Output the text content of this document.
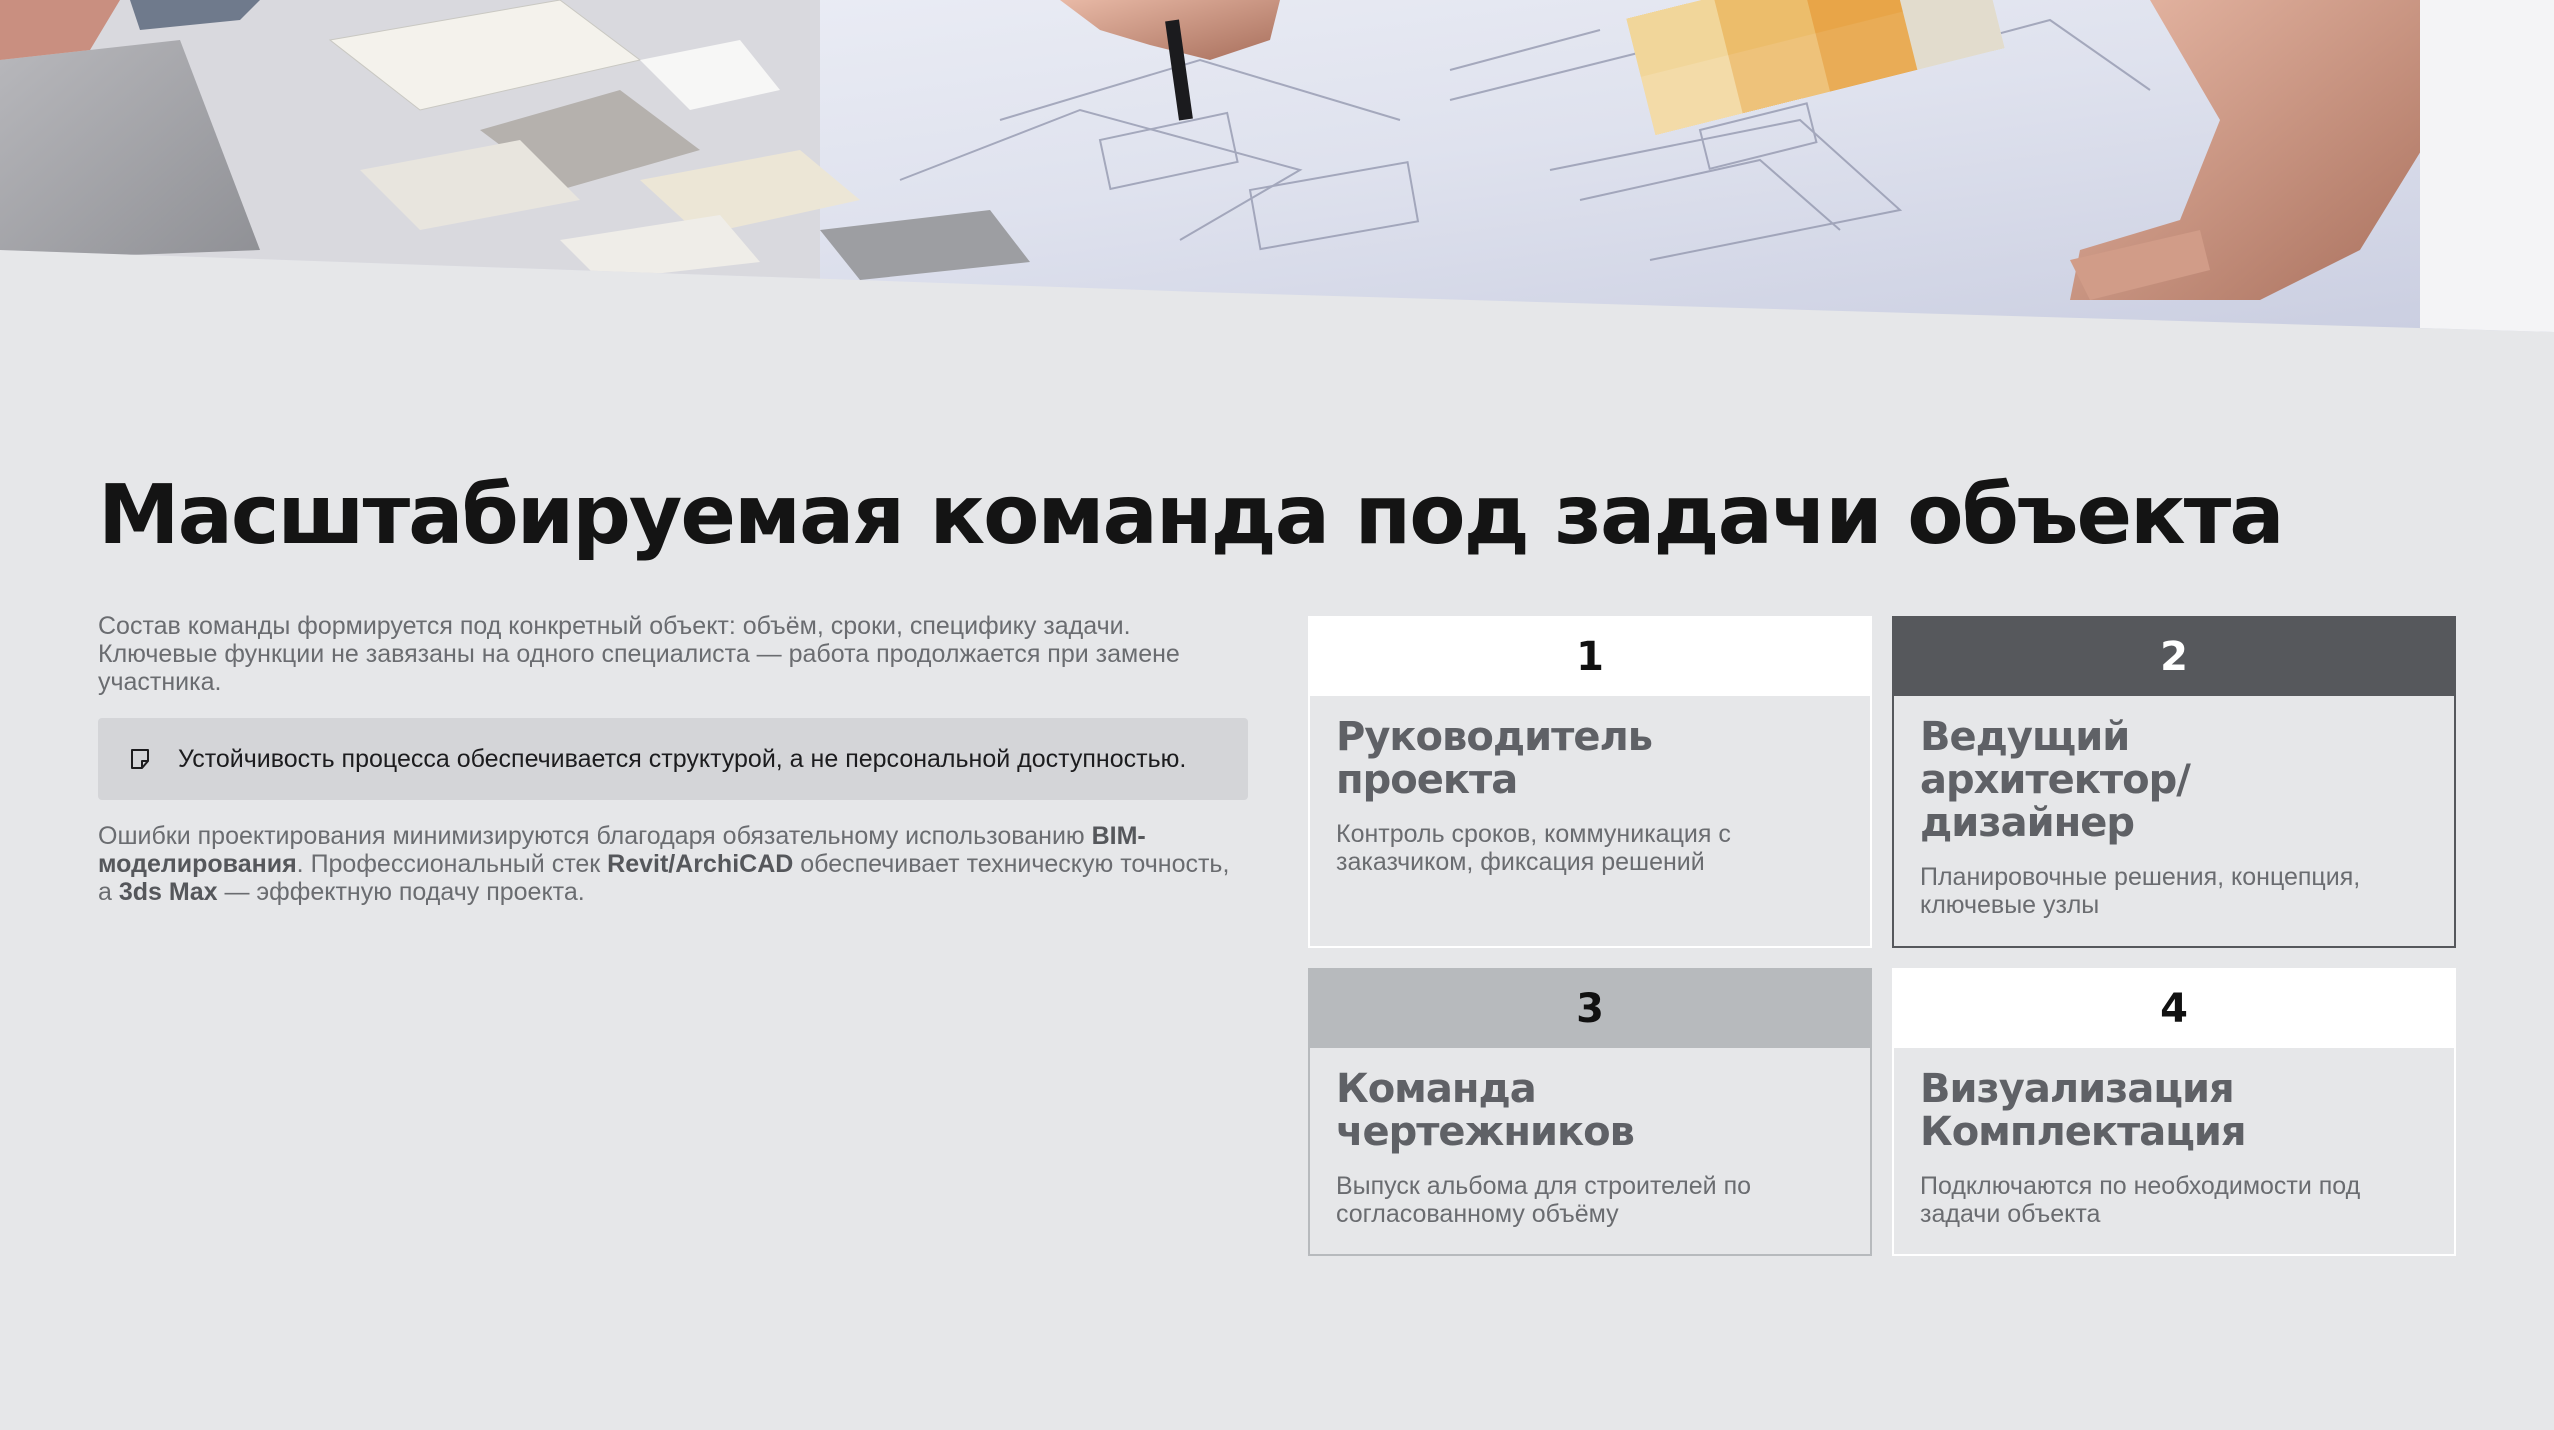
Масштабируемая команда под задачи объекта

Состав команды формируется под конкретный объект: объём, сроки, специфику задачи. Ключевые функции не завязаны на одного специалиста — работа продолжается при замене участника.

Устойчивость процесса обеспечивается структурой, а не персональной доступностью.

Ошибки проектирования минимизируются благодаря обязательному использованию BIM-моделирования. Профессиональный стек Revit/ArchiCAD обеспечивает техническую точность, а 3ds Max — эффектную подачу проекта.

1

Руководитель
проекта

Контроль сроков, коммуникация с заказчиком, фиксация решений

2

Ведущий
архитектор/
дизайнер

Планировочные решения, концепция, ключевые узлы

3

Команда
чертежников

Выпуск альбома для строителей по согласованному объёму

4

Визуализация
Комплектация

Подключаются по необходимости под задачи объекта
